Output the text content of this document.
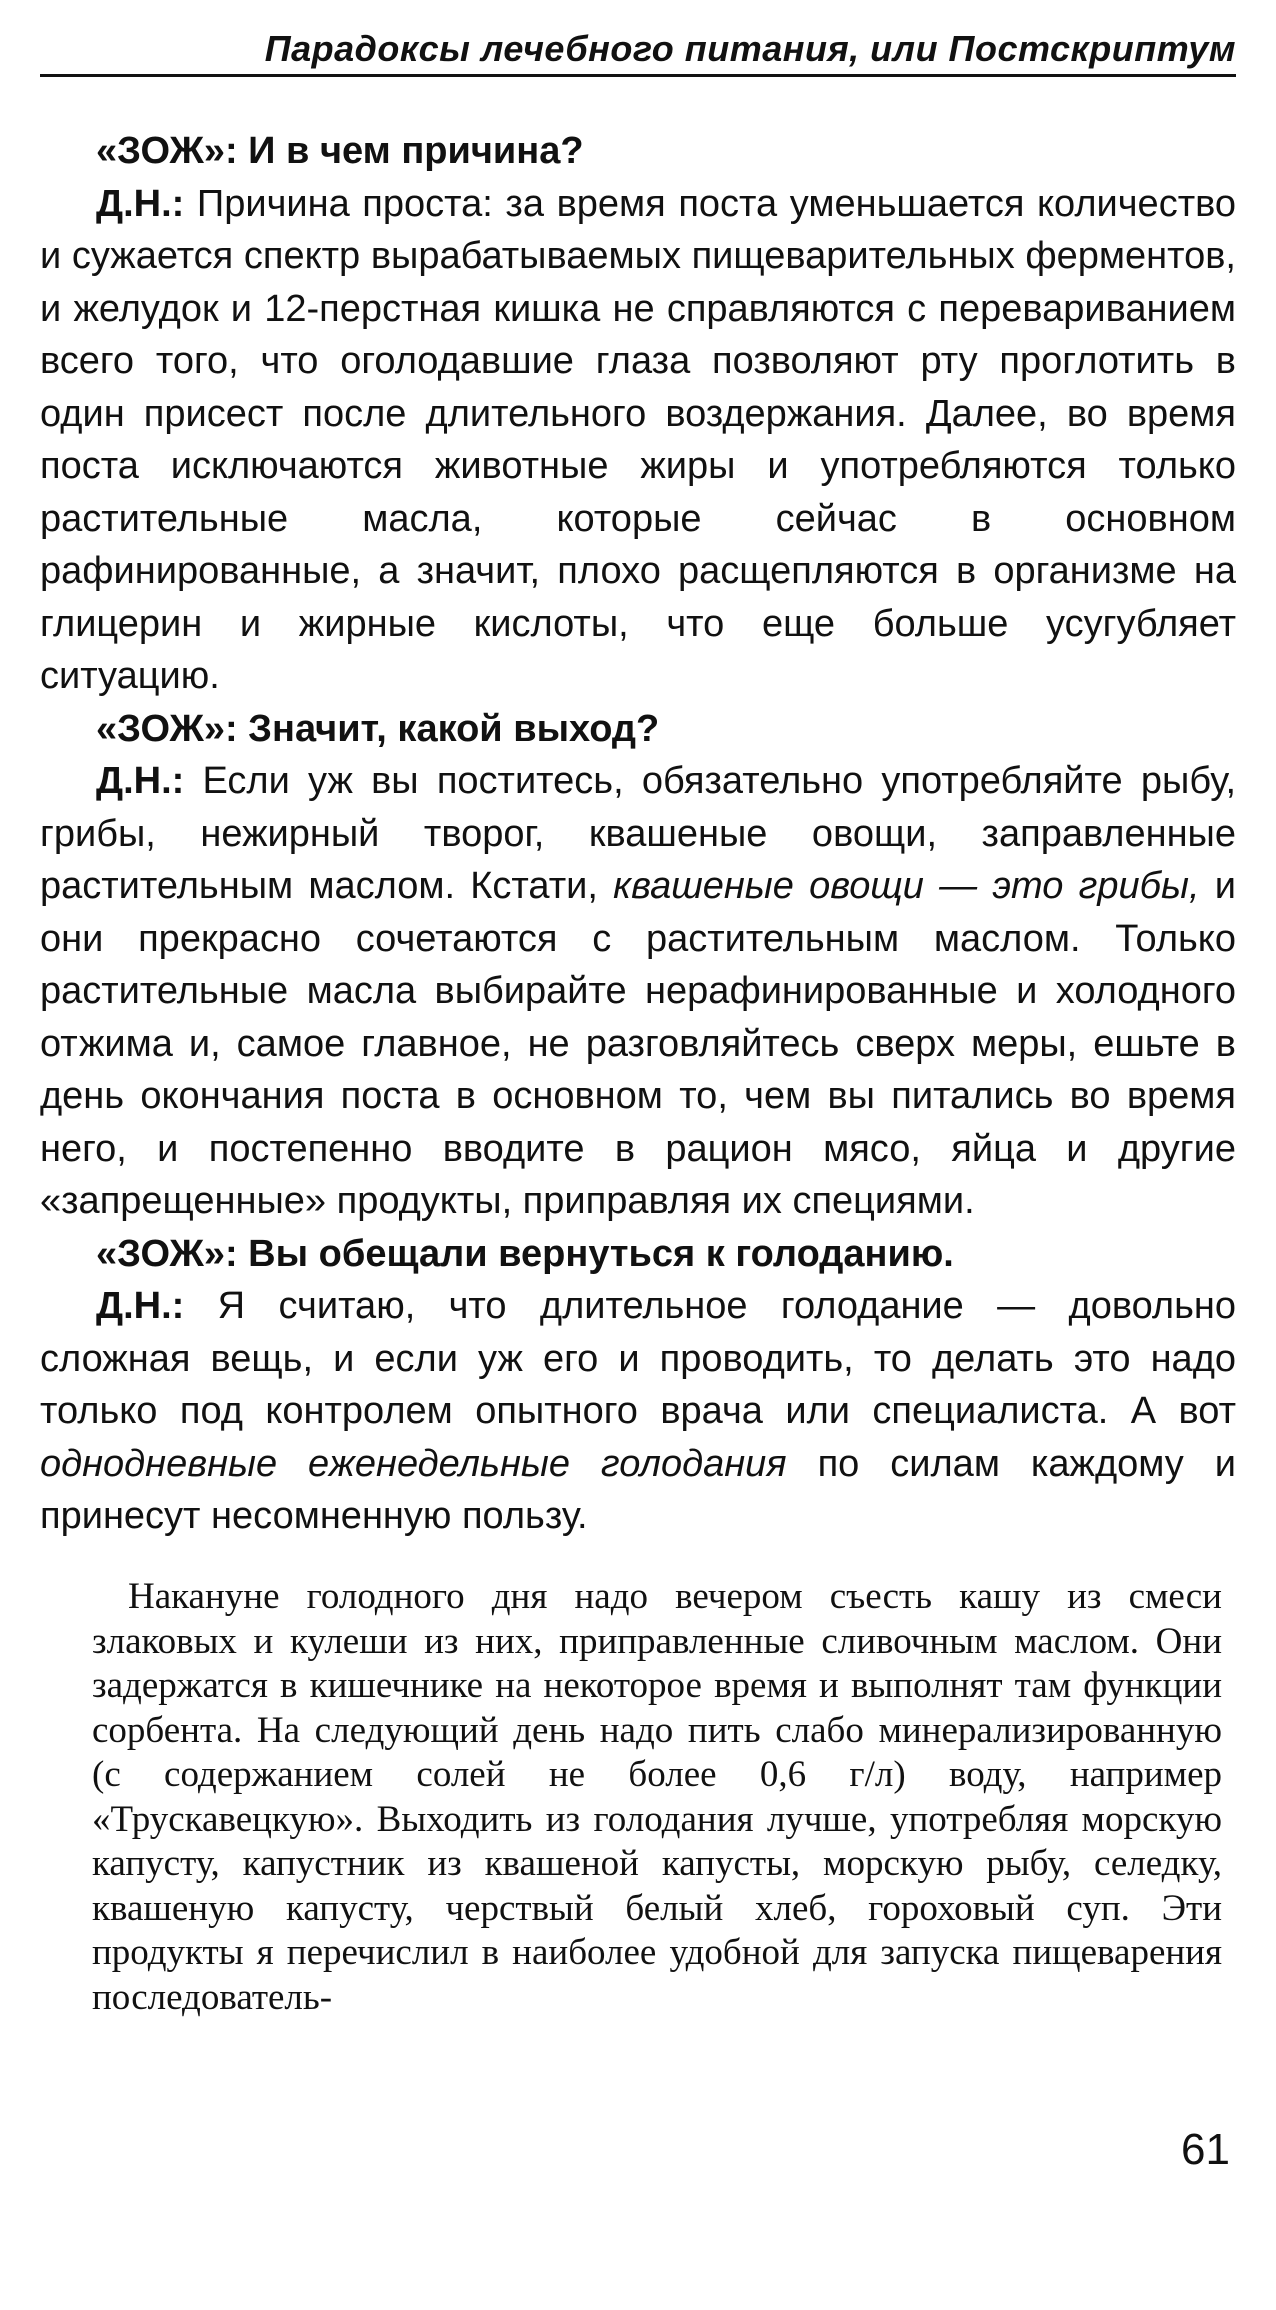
Парадоксы лечебного питания, или Постскриптум

«ЗОЖ»: И в чем причина?

Д.Н.: Причина проста: за время поста уменьшается количество и сужается спектр вырабатываемых пищеварительных ферментов, и желудок и 12-перстная кишка не справляются с перевариванием всего того, что оголодавшие глаза позволяют рту проглотить в один присест после длительного воздержания. Далее, во время поста исключаются животные жиры и употребляются только растительные масла, которые сейчас в основном рафинированные, а значит, плохо расщепляются в организме на глицерин и жирные кислоты, что еще больше усугубляет ситуацию.

«ЗОЖ»: Значит, какой выход?

Д.Н.: Если уж вы поститесь, обязательно употребляйте рыбу, грибы, нежирный творог, квашеные овощи, заправленные растительным маслом. Кстати, квашеные овощи — это грибы, и они прекрасно сочетаются с растительным маслом. Только растительные масла выбирайте нерафинированные и холодного отжима и, самое главное, не разговляйтесь сверх меры, ешьте в день окончания поста в основном то, чем вы питались во время него, и постепенно вводите в рацион мясо, яйца и другие «запрещенные» продукты, приправляя их специями.

«ЗОЖ»: Вы обещали вернуться к голоданию.

Д.Н.: Я считаю, что длительное голодание — довольно сложная вещь, и если уж его и проводить, то делать это надо только под контролем опытного врача или специалиста. А вот однодневные еженедельные голодания по силам каждому и принесут несомненную пользу.

Накануне голодного дня надо вечером съесть кашу из смеси злаковых и кулеши из них, приправленные сливочным маслом. Они задержатся в кишечнике на некоторое время и выполнят там функции сорбента. На следующий день надо пить слабо минерализированную (с содержанием солей не более 0,6 г/л) воду, например «Трускавецкую». Выходить из голодания лучше, употребляя морскую капусту, капустник из квашеной капусты, морскую рыбу, селедку, квашеную капусту, черствый белый хлеб, гороховый суп. Эти продукты я перечислил в наиболее удобной для запуска пищеварения последователь-

61
